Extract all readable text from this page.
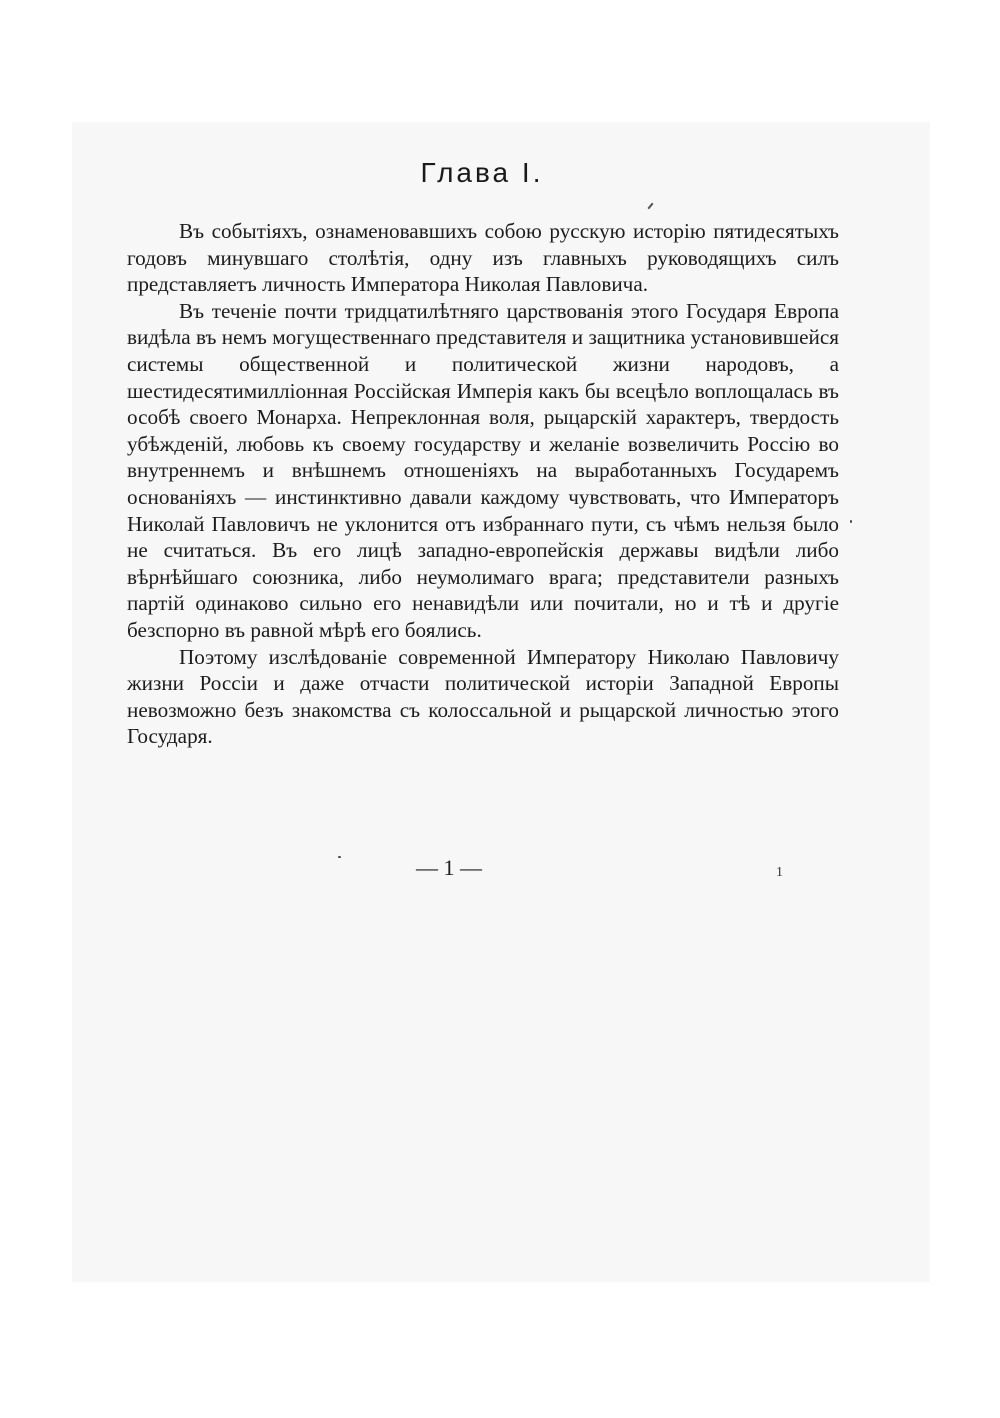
Глава I.

Въ событіяхъ, ознаменовавшихъ собою русскую исторію пятидесятыхъ годовъ минувшаго столѣтія, одну изъ главныхъ руководящихъ силъ представляетъ личность Императора Николая Павловича.

Въ теченіе почти тридцатилѣтняго царствованія этого Государя Европа видѣла въ немъ могущественнаго представителя и защитника установившейся системы общественной и политической жизни народовъ, а шестидесятимилліонная Россійская Имперія какъ бы всецѣло воплощалась въ особѣ своего Монарха. Непреклонная воля, рыцарскій характеръ, твердость убѣжденій, любовь къ своему государству и желаніе возвеличить Россію во внутреннемъ и внѣшнемъ отношеніяхъ на выработанныхъ Государемъ основаніяхъ — инстинктивно давали каждому чувствовать, что Императоръ Николай Павловичъ не уклонится отъ избраннаго пути, съ чѣмъ нельзя было не считаться. Въ его лицѣ западно-европейскія державы видѣли либо вѣрнѣйшаго союзника, либо неумолимаго врага; представители разныхъ партій одинаково сильно его ненавидѣли или почитали, но и тѣ и другіе безспорно въ равной мѣрѣ его боялись.

Поэтому изслѣдованіе современной Императору Николаю Павловичу жизни Россіи и даже отчасти политической исторіи Западной Европы невозможно безъ знакомства съ колоссальной и рыцарской личностью этого Государя.

— 1 —	1
